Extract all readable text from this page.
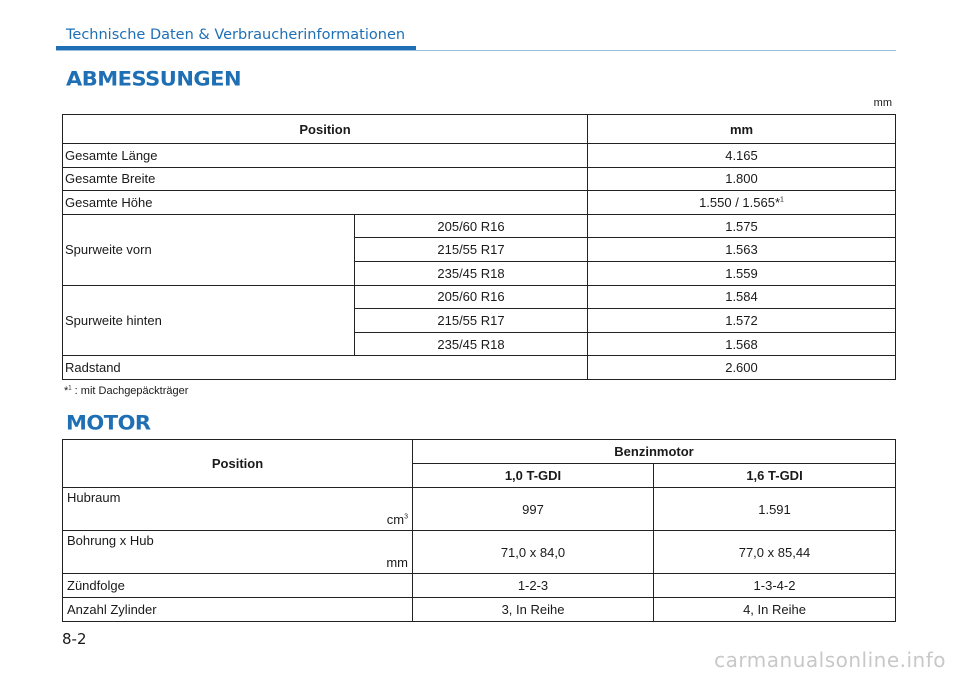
Technische Daten & Verbraucherinformationen
ABMESSUNGEN
mm
Position		mm
Gesamte Länge		4.165
Gesamte Breite		1.800
Gesamte Höhe		1.550 / 1.565*$^1$
Spurweite vorn	205/60 R16	1.575
	215/55 R17	1.563
	235/45 R18	1.559
Spurweite hinten	205/60 R16	1.584
	215/55 R17	1.572
	235/45 R18	1.568
Radstand		2.600
*$^1$ : mit Dachgepäckträger
MOTOR
Position	Benzinmotor	
	1,0 T-GDI	1,6 T-GDI

Hubraum
$cm^3$	997	1.591

Bohrung x Hub
mm	71,0 x 84,0	77,0 x 85,44
Zündfolge	1-2-3	1-3-4-2
Anzahl Zylinder	3, In Reihe	4, In Reihe
8-2
carmanualsonline.info
